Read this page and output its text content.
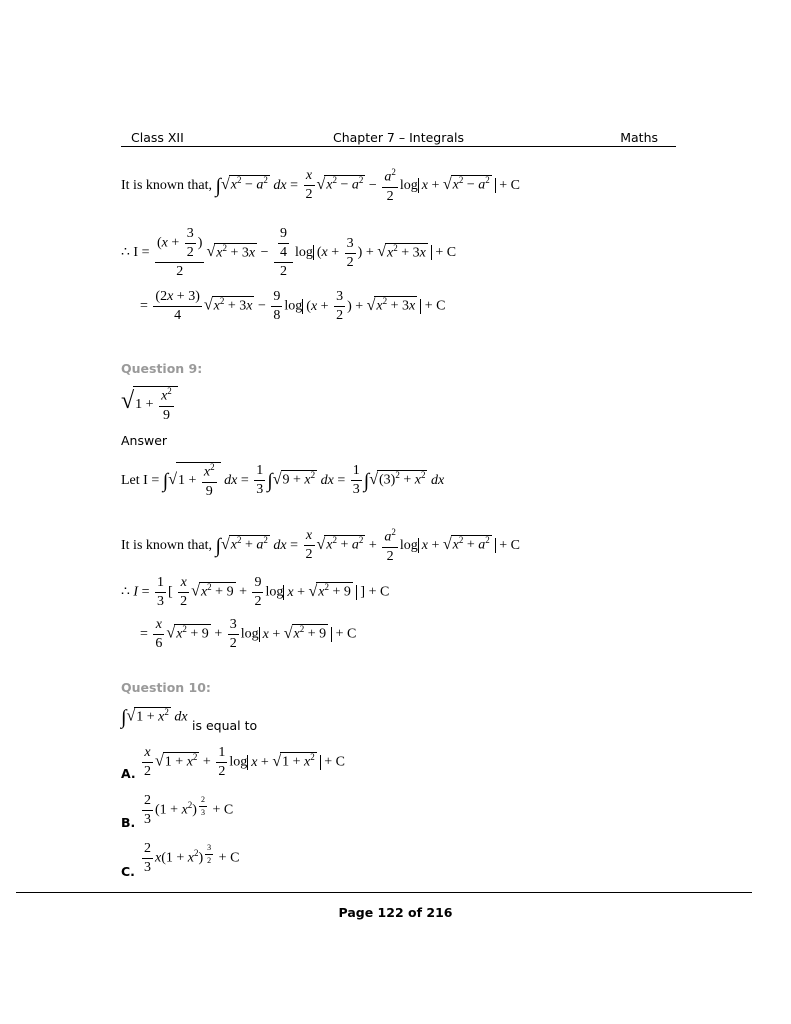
Class XII	Chapter 7 – Integrals	Maths
It is known that, $\int√x^2 - a^2$ dx = $\frac{x}{2} √x^2 - a^2 - \frac{a^2}{2}$ $\log x + √x^2 - a^2 + C$
∴ $I = \frac{(x + \frac{3}{2} )}{2} √x^2 + 3x - \frac{\frac{9}{4}}{2}$ $\log (x + \frac{3}{2}$ ) + $√x^2 + 3x + C$
= $\frac{(2x + 3)}{4} √x^2 + 3x - \frac{9}{8}$ $\log (x + \frac{3}{2}$ ) + $√x^2 + 3x + C$
Question 9:
$√1 + \frac{x^2}{9}$
Answer
Let $I = \int√1 + \frac{x^2}{9}$ dx = $\frac{1}{3} \int√9 + x^2$ dx = $\frac{1}{3} \int√(3)^2 + x^2$ dx
It is known that, $\int√x^2 + a^2$ dx = $\frac{x}{2} √x^2 + a^2 + \frac{a^2}{2}$ $\log x + √x^2 + a^2 + C$
∴ $I = \frac{1}{3}$ [ $\frac{x}{2} √x^2 + 9 + \frac{9}{2}$ $\log x + √x^2 + 9$ ] + C
= $\frac{x}{6} √x^2 + 9 + \frac{3}{2}$ $\log x + √x^2 + 9 + C$
Question 10:
$\int√1 + x^2$ dx
is equal to
$\frac{x}{2} √1 + x^2 + \frac{1}{2}$ $\log x + √1 + x^2 + C$
A.
$\frac{2}{3} (1 + x^2) ^{\frac{2}{3}} + C$
B.
$\frac{2}{3} x(1 + x^2) ^{\frac{3}{2}} + C$
C.
Page 122 of 216
